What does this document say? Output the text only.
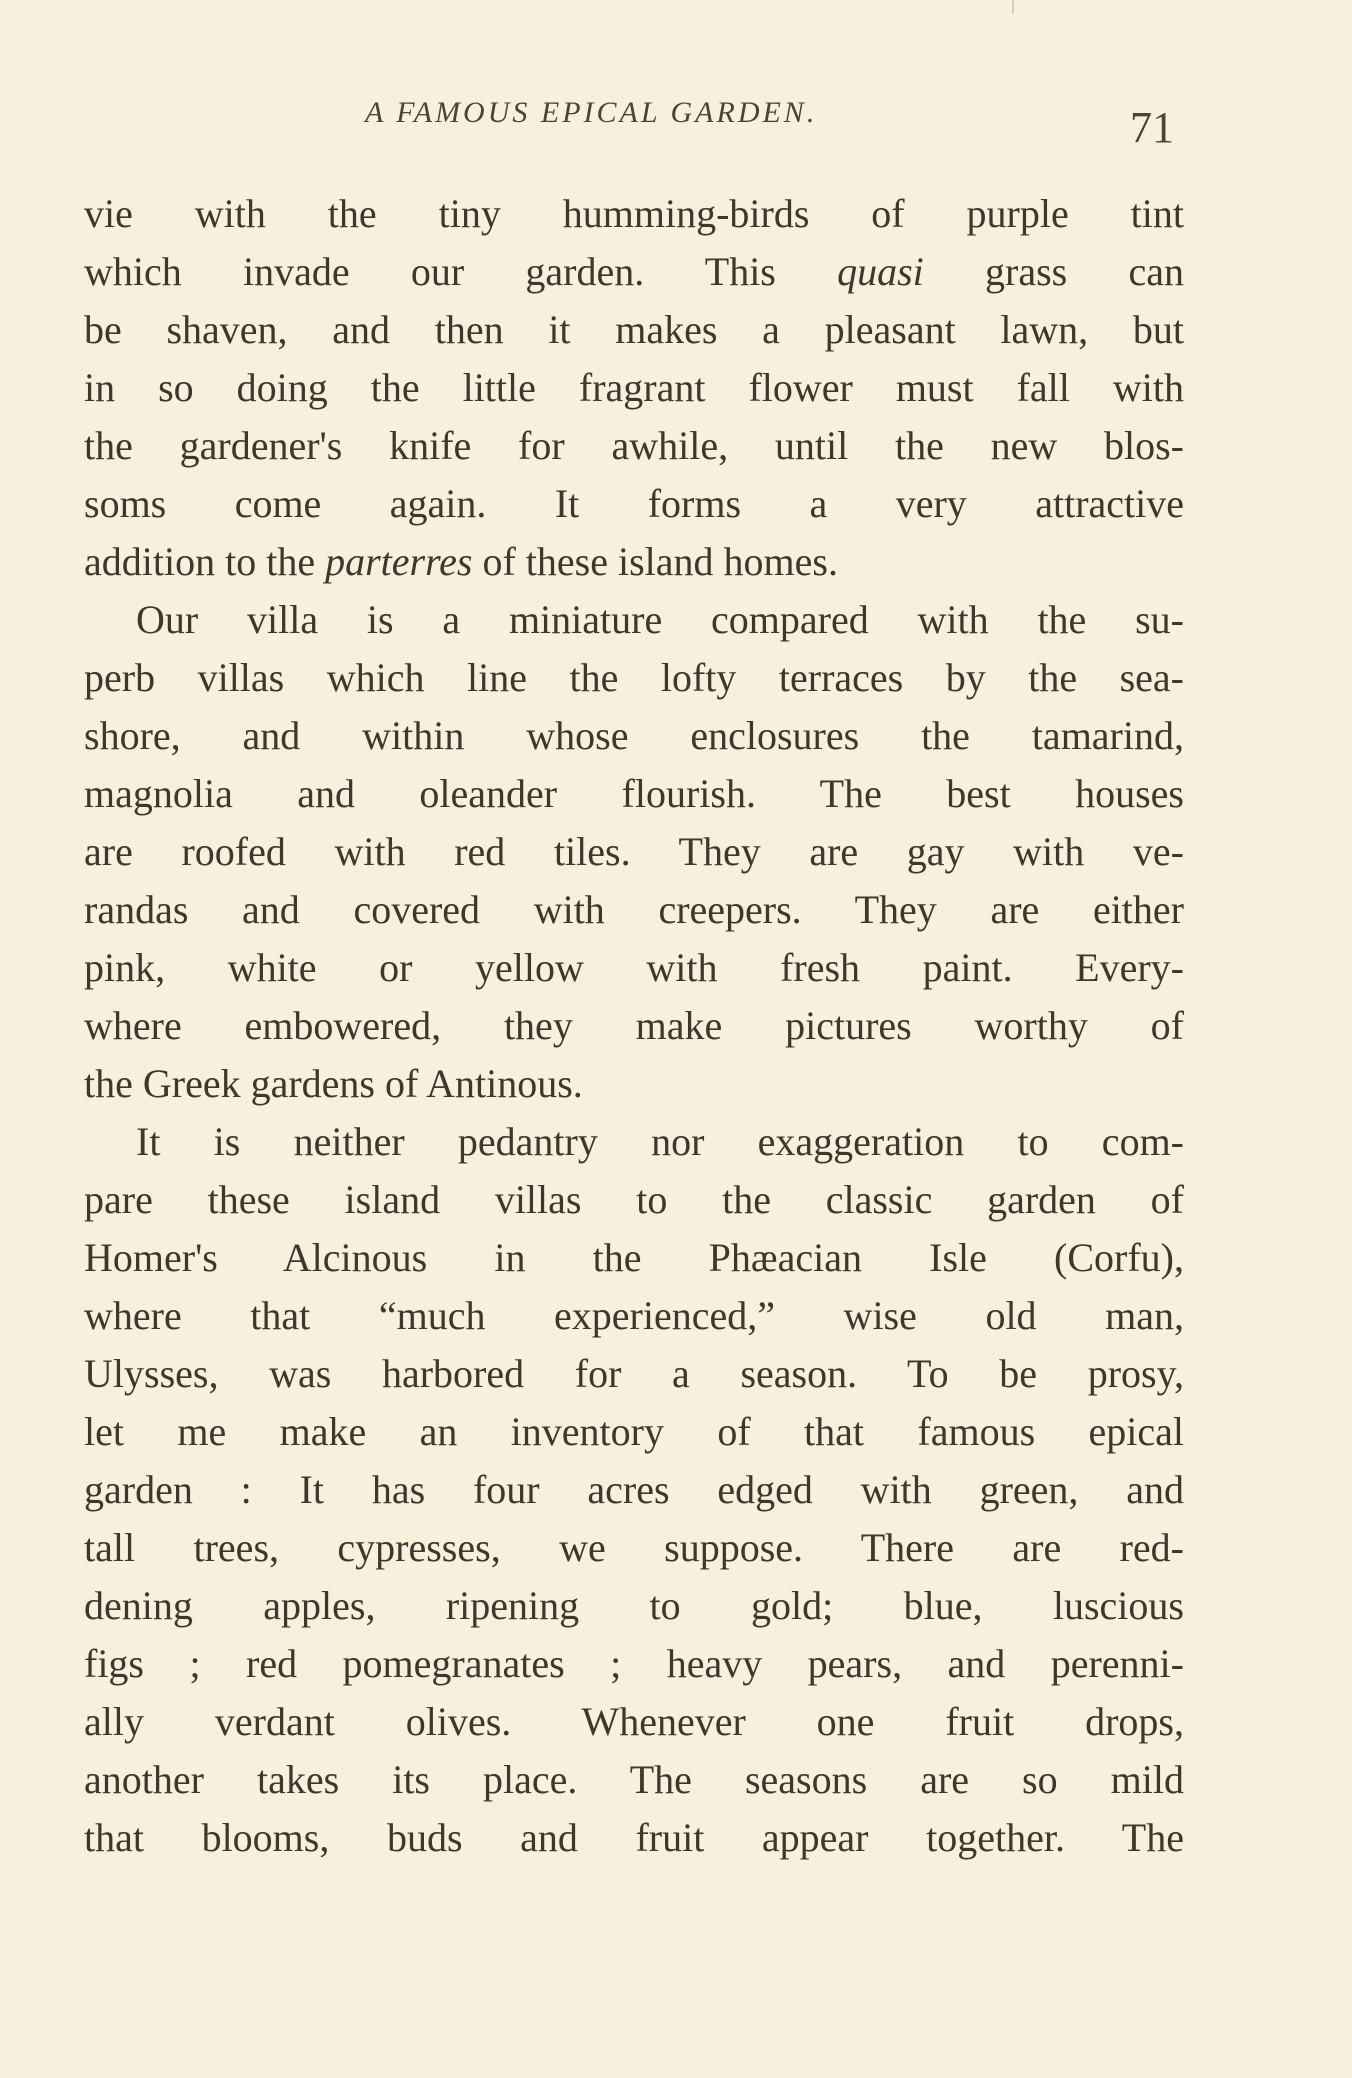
A FAMOUS EPICAL GARDEN.	71
vie with the tiny humming-birds of purple tint
which invade our garden. This quasi grass can
be shaven, and then it makes a pleasant lawn, but
in so doing the little fragrant flower must fall with
the gardener's knife for awhile, until the new blos-
soms come again. It forms a very attractive
addition to the parterres of these island homes.
Our villa is a miniature compared with the su-
perb villas which line the lofty terraces by the sea-
shore, and within whose enclosures the tamarind,
magnolia and oleander flourish. The best houses
are roofed with red tiles. They are gay with ve-
randas and covered with creepers. They are either
pink, white or yellow with fresh paint. Every-
where embowered, they make pictures worthy of
the Greek gardens of Antinous.
It is neither pedantry nor exaggeration to com-
pare these island villas to the classic garden of
Homer's Alcinous in the Phæacian Isle (Corfu),
where that “much experienced,” wise old man,
Ulysses, was harbored for a season. To be prosy,
let me make an inventory of that famous epical
garden : It has four acres edged with green, and
tall trees, cypresses, we suppose. There are red-
dening apples, ripening to gold; blue, luscious
figs ; red pomegranates ; heavy pears, and perenni-
ally verdant olives. Whenever one fruit drops,
another takes its place. The seasons are so mild
that blooms, buds and fruit appear together. The
